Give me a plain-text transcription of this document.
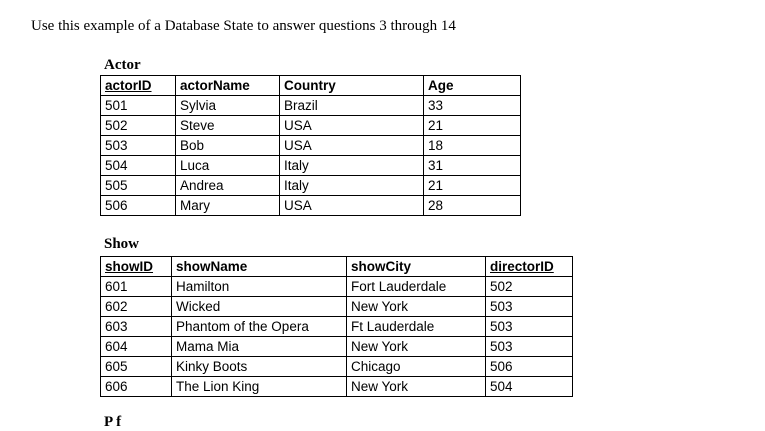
Use this example of a Database State to answer questions 3 through 14
Actor
actorID	actorName	Country	Age
501	Sylvia	Brazil	33
502	Steve	USA	21
503	Bob	USA	18
504	Luca	Italy	31
505	Andrea	Italy	21
506	Mary	USA	28
Show
showID	showName	showCity	directorID
601	Hamilton	Fort Lauderdale	502
602	Wicked	New York	503
603	Phantom of the Opera	Ft Lauderdale	503
604	Mama Mia	New York	503
605	Kinky Boots	Chicago	506
606	The Lion King	New York	504
P f
